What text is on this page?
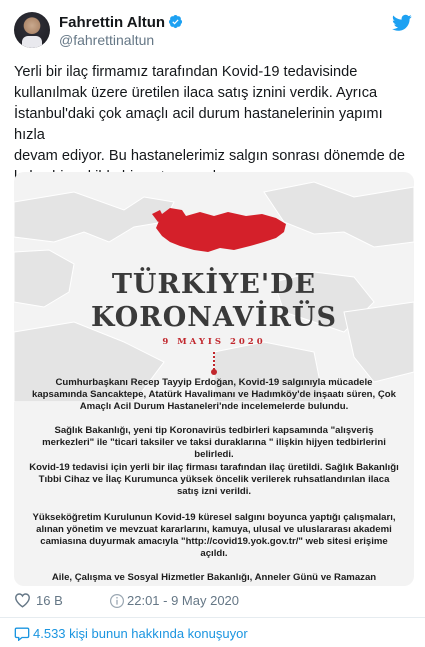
Fahrettin Altun
@fahrettinaltun

Yerli bir ilaç firmamız tarafından Kovid-19 tedavisinde

kullanılmak üzere üretilen ilaca satış iznini verdik. Ayrıca

İstanbul'daki çok amaçlı acil durum hastanelerinin yapımı hızla

devam ediyor. Bu hastanelerimiz salgın sonrası dönemde de

TÜRKİYE'DE
KORONAVİRÜS
9 MAYIS 2020
Cumhurbaşkanı Recep Tayyip Erdoğan, Kovid-19 salgınıyla mücadele kapsamında Sancaktepe, Atatürk Havalimanı ve Hadımköy'de inşaatı süren, Çok Amaçlı Acil Durum Hastaneleri'nde incelemelerde bulundu.
Sağlık Bakanlığı, yeni tip Koronavirüs tedbirleri kapsamında "alışveriş merkezleri" ile "ticari taksiler ve taksi duraklarına " ilişkin hijyen tedbirlerini belirledi.
Kovid-19 tedavisi için yerli bir ilaç firması tarafından ilaç üretildi. Sağlık Bakanlığı Tıbbi Cihaz ve İlaç Kurumunca yüksek öncelik verilerek ruhsatlandırılan ilaca satış izni verildi.
Yükseköğretim Kurulunun Kovid-19 küresel salgını boyunca yaptığı çalışmaları, alınan yönetim ve mevzuat kararlarını, kamuya, ulusal ve uluslararası akademi camiasına duyurmak amacıyla "http://covid19.yok.gov.tr/" web sitesi erişime açıldı.
Aile, Çalışma ve Sosyal Hizmetler Bakanlığı, Anneler Günü ve Ramazan
16 B	22:01 - 9 May 2020
4.533 kişi bunun hakkında konuşuyor
